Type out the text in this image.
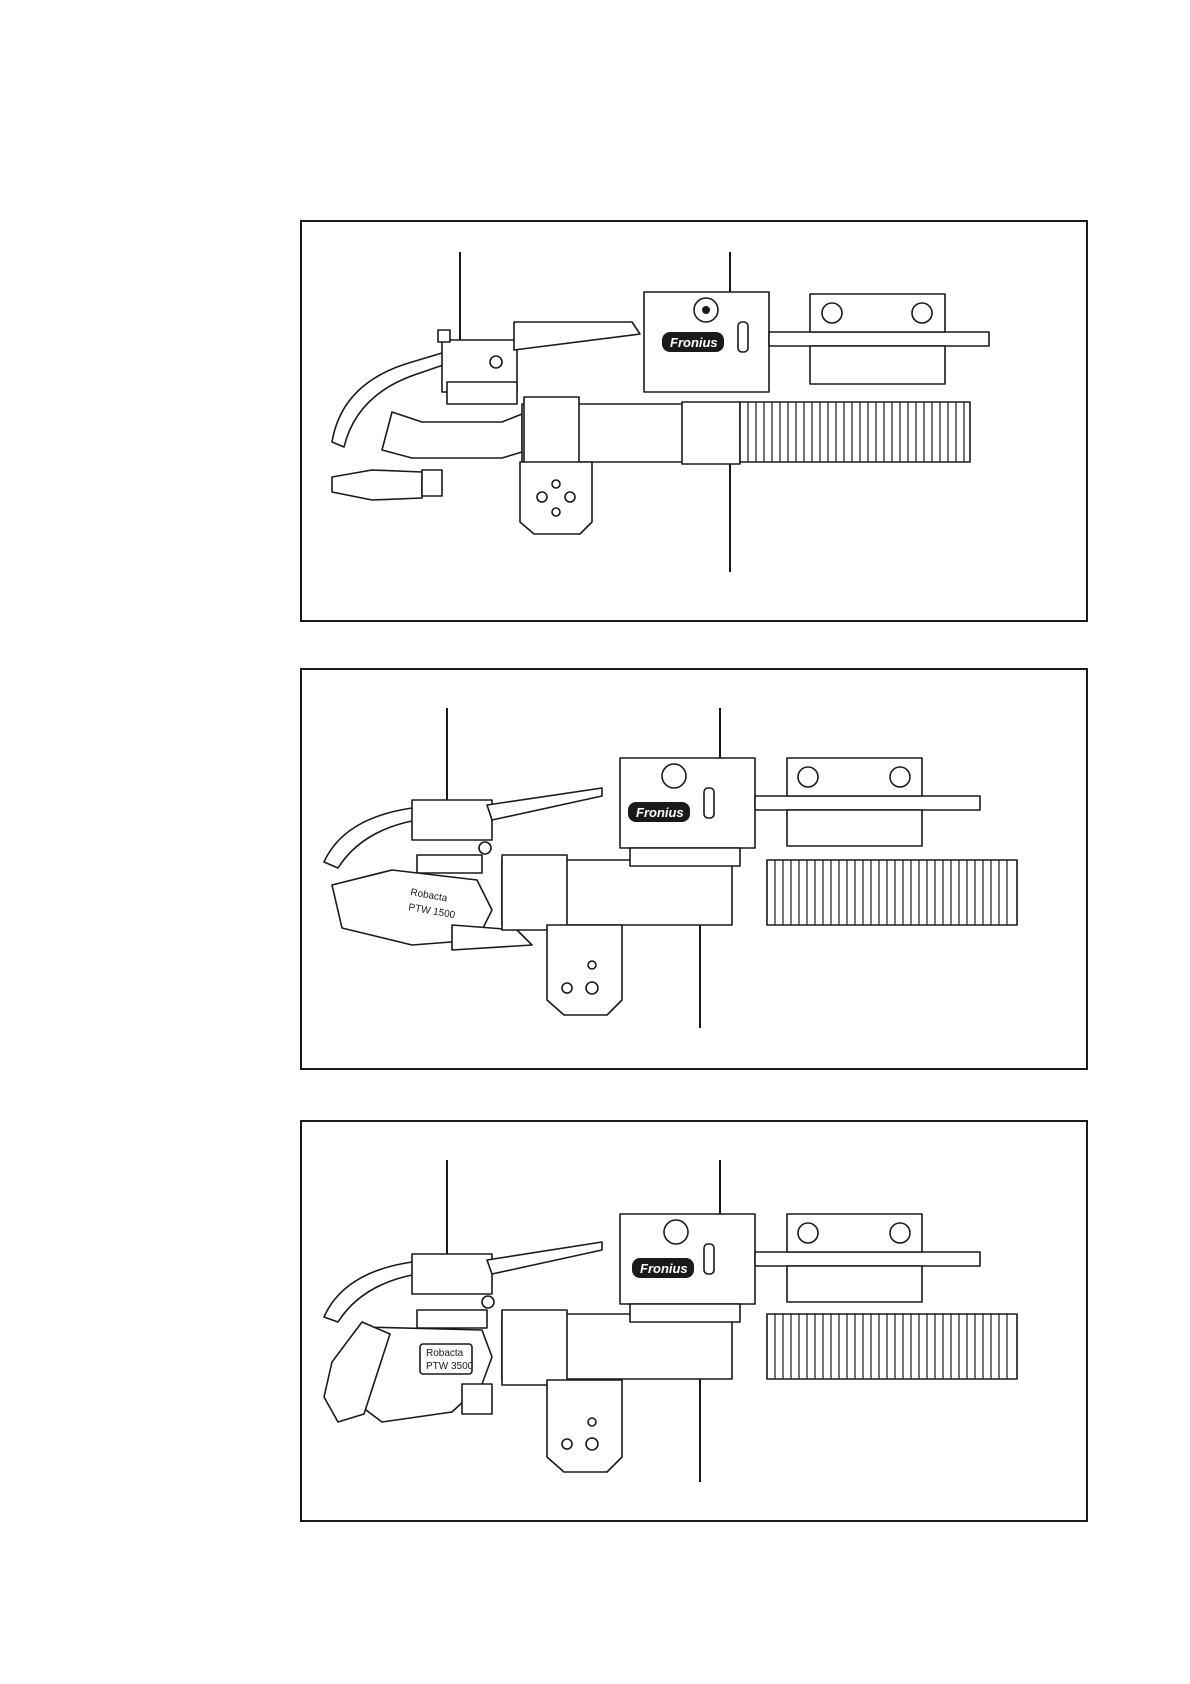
Fronius
Robacta
PTW 1500
Fronius
Robacta
PTW 3500
Fronius
